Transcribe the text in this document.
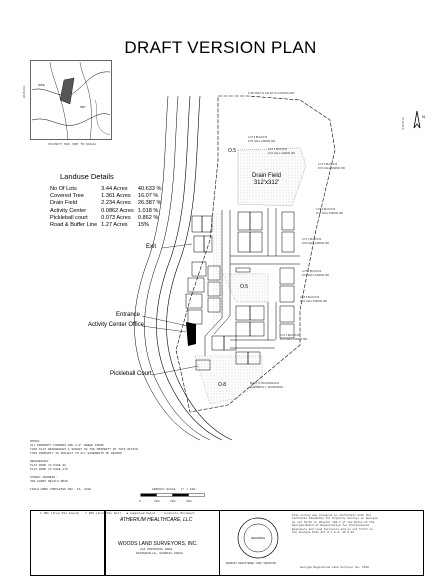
DRAFT VERSION PLAN
2028-111
N
N 40°05' W
SITE
HWY
VICINITY MAP (NOT TO SCALE)
LOT 5 BLOCK B
FOX HALL FARMS S/D
LOT 4 BLOCK B
FOX HALL FARMS S/D
LOT 3 BLOCK B
FOX HALL FARMS S/D
LOT 2 BLOCK B
FOX HALL FARMS S/D
LOT 1 BLOCK B
FOX HALL FARMS S/D
LOT 6 BLOCK B
FOX HALL FARMS S/D
LOT 5 BLOCK B
FOX HALL FARMS S/D
LOT 4 BLOCK B
FOX HALL FARMS S/D
MARY S. MCCRORAN &
ELIZABETH L. MCCRORAN
N 38°18'42" E 101.48' TO AN IRON SET
Landuse Details
No Of Lots	3.44 Acres	40.633 %
Covered Tree	1.361 Acres	16.07 %
Drain Field	2.234 Acres	26.387 %
Activity Center	0.0862 Acres	1.018 %
Pickleball court	0.073 Acres	0.862 %
Road & Buffer Line	1.27 Acres	15%
Drain Field
312'x312'
Exit
Entrance
Activity Center Office
Pickleball Court
O.5
O.5
O.8
NOTES:
ALL PROPERTY CORNERS ARE 1/2" REBAR FOUND
THIS PLAT REFERENCES A SURVEY OF THE PROPERTY BY THIS OFFICE
THIS PROPERTY IS SUBJECT TO ALL EASEMENTS OF RECORD

REFERENCES:
PLAT BOOK 78 PAGE 98
PLAT BOOK 14 PAGE 176

STREET ADDRESS:
306 HARRY NEVILS ROAD

FIELD WORK COMPLETED DEC. 14, 2020	GRAPHIC SCALE   1" = 100'
0	100	200	300
⊙ IRF (Iron Pin Found)   ⊙ IRS (Iron Pin Set)   ▲ Computed Point   ○ Concrete Monument
ATHERIUM HEALTHCARE, LLC
WOODS LAND SURVEYORS, INC.
201 PROTHOKOL ROAD
WINTERVILLE, GEORGIA 30683
GEORGIA
GEORGIA REGISTERED LAND SURVEYOR
This survey was prepared in conformity with The
Technical Standards for Property Surveys in Georgia
as set forth in Chapter 180-7 of the Rules of the
Georgia Board of Registration for Professional
Engineers and Land Surveyors and as set forth in
the Georgia Plat Act O.C.G.A. 15-6-67.
Georgia Registered Land Surveyor No. 2548
